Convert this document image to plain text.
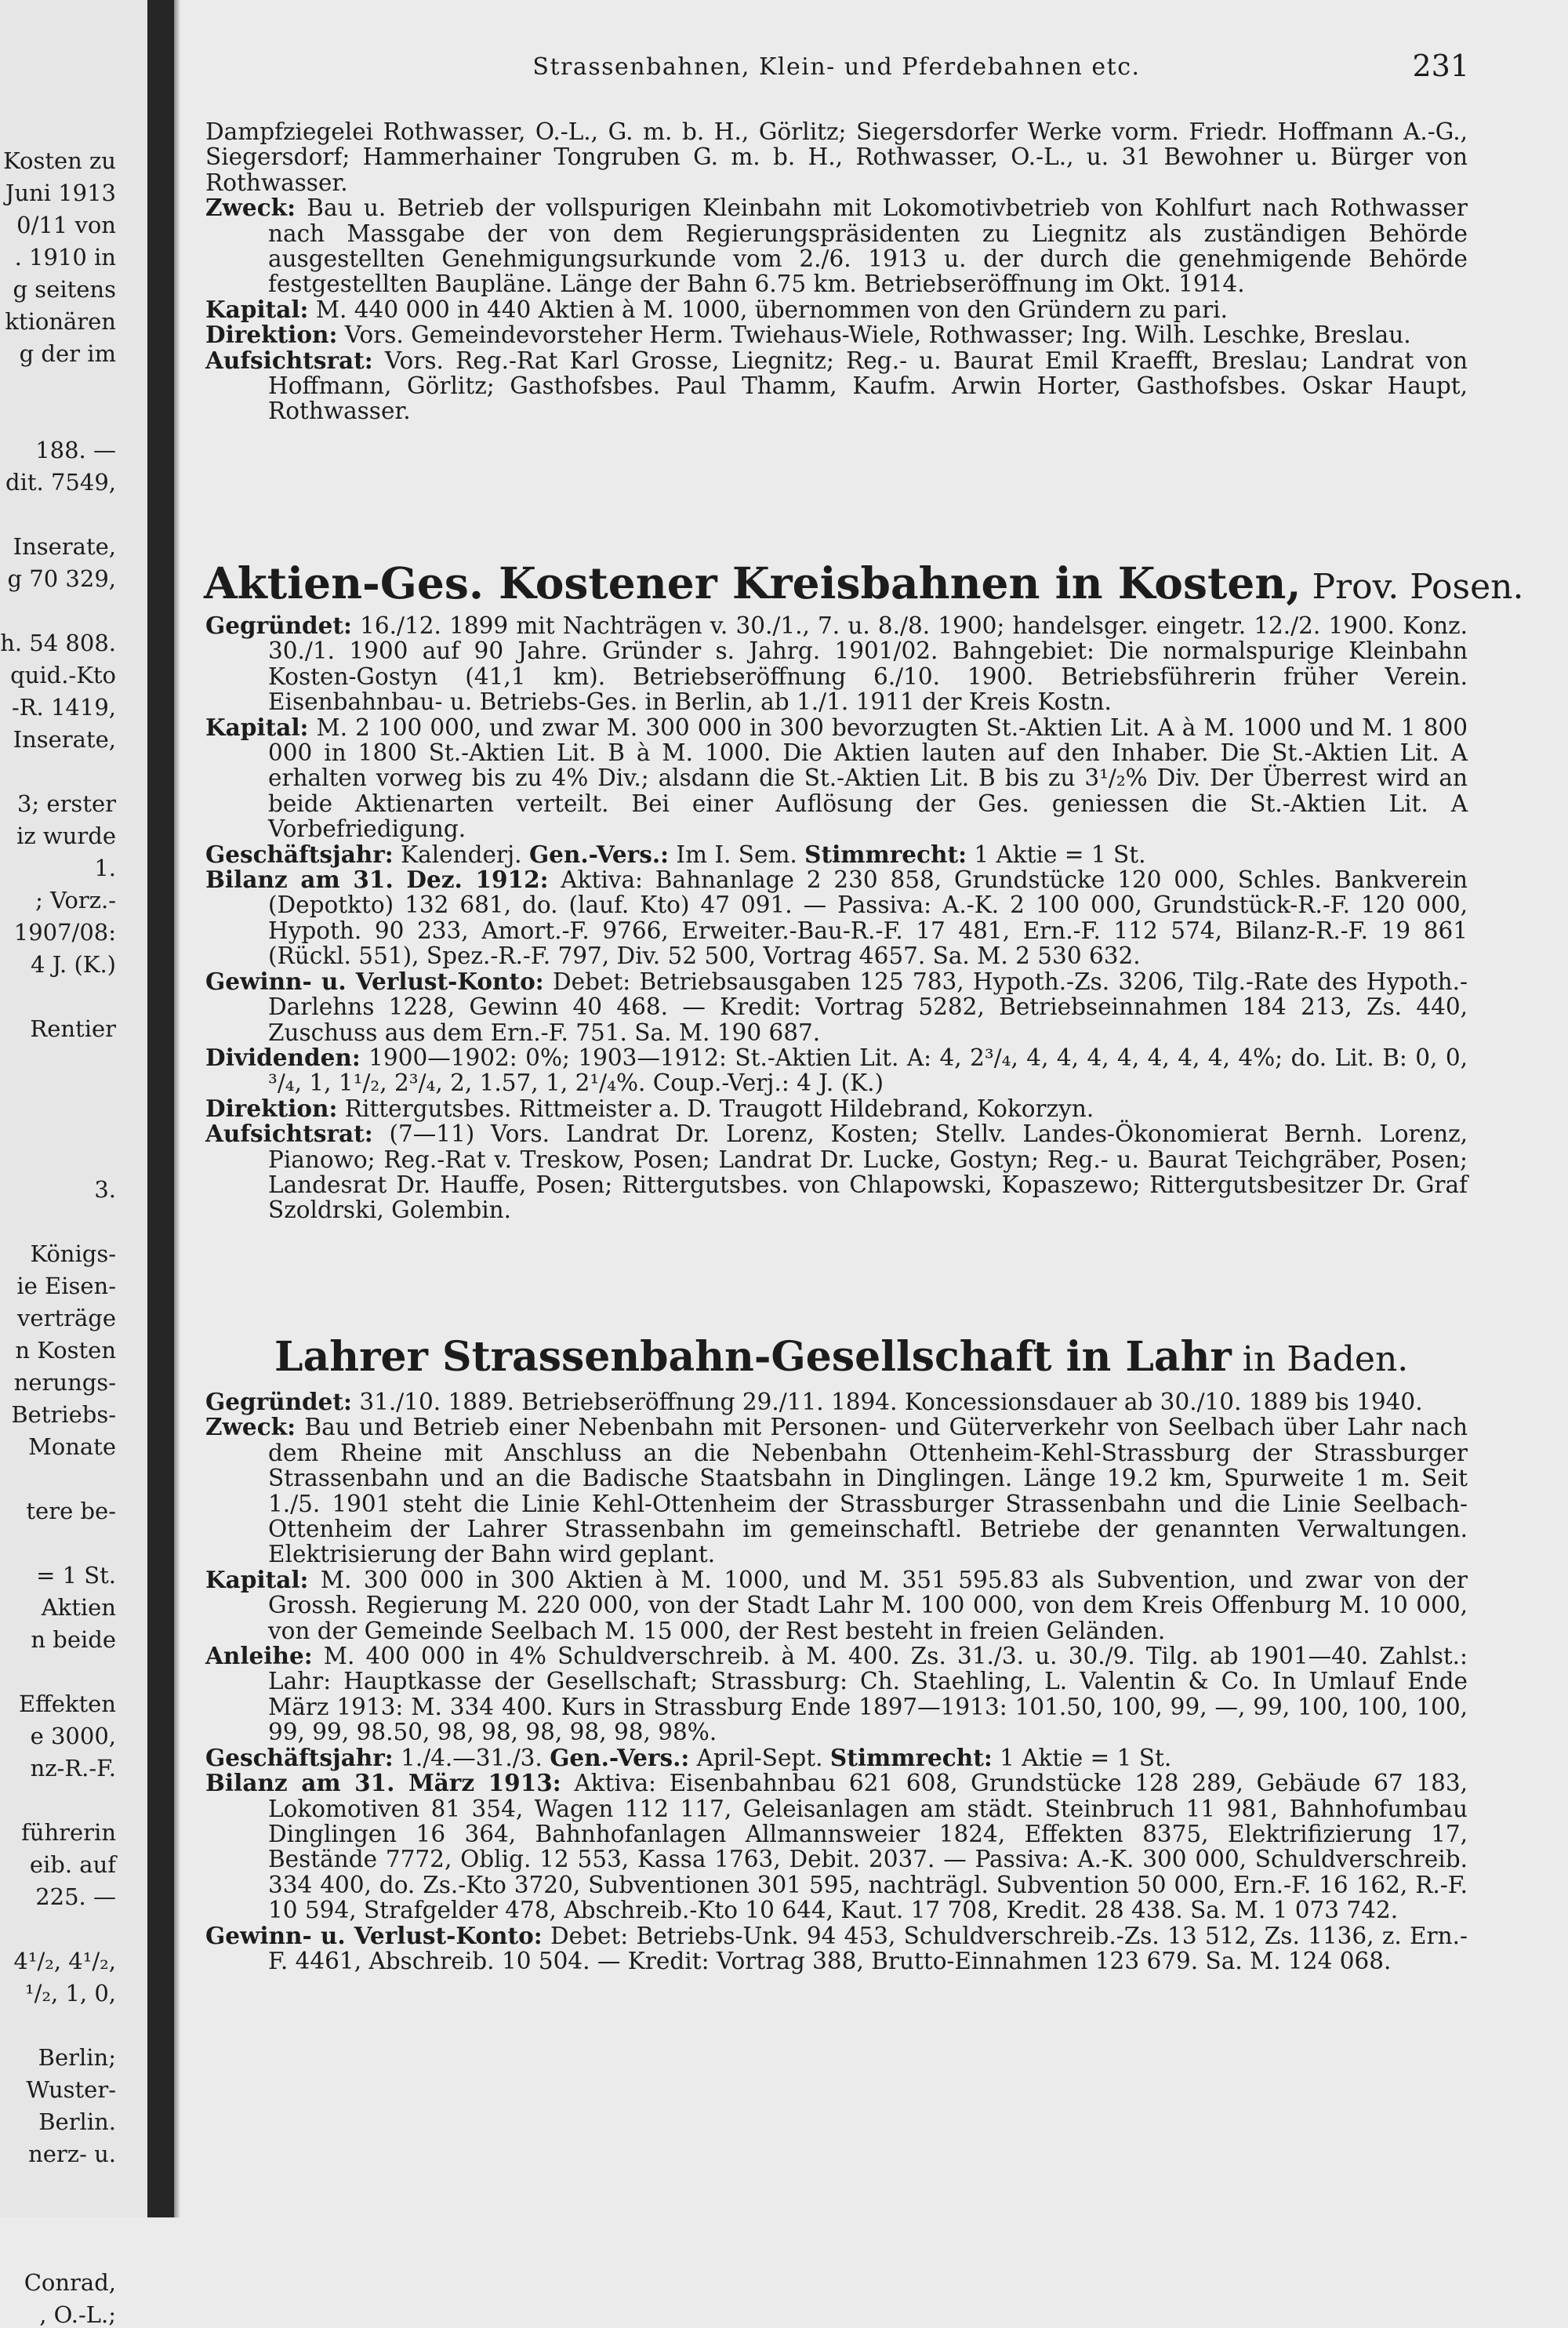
Kosten zu
Juni 1913
0/11 von
. 1910 in
g seitens
ktionären
g der im
188. —
dit. 7549,
Inserate,
g 70 329,
h. 54 808.
quid.-Kto
-R. 1419,
Inserate,
3; erster
iz wurde
1.
; Vorz.-
1907/08:
4 J. (K.)
Rentier
3.
Königs-
ie Eisen-
verträge
n Kosten
nerungs-
Betriebs-
Monate
tere be-
= 1 St.
Aktien
n beide
Effekten
e 3000,
nz-R.-F.
führerin
eib. auf
225. —
4¹/₂, 4¹/₂,
¹/₂, 1, 0,
Berlin;
Wuster-
Berlin.
nerz- u.
Conrad,
, O.-L.;
Strassenbahnen, Klein- und Pferdebahnen etc.	231

Dampfziegelei Rothwasser, O.-L., G. m. b. H., Görlitz; Siegersdorfer Werke vorm. Friedr. Hoffmann A.-G., Siegersdorf; Hammerhainer Tongruben G. m. b. H., Rothwasser, O.-L., u. 31 Bewohner u. Bürger von Rothwasser.

Zweck: Bau u. Betrieb der vollspurigen Kleinbahn mit Lokomotivbetrieb von Kohlfurt nach Rothwasser nach Massgabe der von dem Regierungspräsidenten zu Liegnitz als zuständigen Behörde ausgestellten Genehmigungsurkunde vom 2./6. 1913 u. der durch die genehmigende Behörde festgestellten Baupläne. Länge der Bahn 6.75 km. Betriebseröffnung im Okt. 1914.

Kapital: M. 440 000 in 440 Aktien à M. 1000, übernommen von den Gründern zu pari.

Direktion: Vors. Gemeindevorsteher Herm. Twiehaus-Wiele, Rothwasser; Ing. Wilh. Leschke, Breslau.

Aufsichtsrat: Vors. Reg.-Rat Karl Grosse, Liegnitz; Reg.- u. Baurat Emil Kraefft, Breslau; Landrat von Hoffmann, Görlitz; Gasthofsbes. Paul Thamm, Kaufm. Arwin Horter, Gasthofsbes. Oskar Haupt, Rothwasser.

Aktien-Ges. Kostener Kreisbahnen in Kosten, Prov. Posen.

Gegründet: 16./12. 1899 mit Nachträgen v. 30./1., 7. u. 8./8. 1900; handelsger. eingetr. 12./2. 1900. Konz. 30./1. 1900 auf 90 Jahre. Gründer s. Jahrg. 1901/02. Bahngebiet: Die normalspurige Kleinbahn Kosten-Gostyn (41,1 km). Betriebseröffnung 6./10. 1900. Betriebsführerin früher Verein. Eisenbahnbau- u. Betriebs-Ges. in Berlin, ab 1./1. 1911 der Kreis Kostn.

Kapital: M. 2 100 000, und zwar M. 300 000 in 300 bevorzugten St.-Aktien Lit. A à M. 1000 und M. 1 800 000 in 1800 St.-Aktien Lit. B à M. 1000. Die Aktien lauten auf den Inhaber. Die St.-Aktien Lit. A erhalten vorweg bis zu 4% Div.; alsdann die St.-Aktien Lit. B bis zu 3¹/₂% Div. Der Überrest wird an beide Aktienarten verteilt. Bei einer Auflösung der Ges. geniessen die St.-Aktien Lit. A Vorbefriedigung.

Geschäftsjahr: Kalenderj. Gen.-Vers.: Im I. Sem. Stimmrecht: 1 Aktie = 1 St.

Bilanz am 31. Dez. 1912: Aktiva: Bahnanlage 2 230 858, Grundstücke 120 000, Schles. Bankverein (Depotkto) 132 681, do. (lauf. Kto) 47 091. — Passiva: A.-K. 2 100 000, Grundstück-R.-F. 120 000, Hypoth. 90 233, Amort.-F. 9766, Erweiter.-Bau-R.-F. 17 481, Ern.-F. 112 574, Bilanz-R.-F. 19 861 (Rückl. 551), Spez.-R.-F. 797, Div. 52 500, Vortrag 4657. Sa. M. 2 530 632.

Gewinn- u. Verlust-Konto: Debet: Betriebsausgaben 125 783, Hypoth.-Zs. 3206, Tilg.-Rate des Hypoth.-Darlehns 1228, Gewinn 40 468. — Kredit: Vortrag 5282, Betriebseinnahmen 184 213, Zs. 440, Zuschuss aus dem Ern.-F. 751. Sa. M. 190 687.

Dividenden: 1900—1902: 0%; 1903—1912: St.-Aktien Lit. A: 4, 2³/₄, 4, 4, 4, 4, 4, 4, 4, 4%; do. Lit. B: 0, 0, ³/₄, 1, 1¹/₂, 2³/₄, 2, 1.57, 1, 2¹/₄%. Coup.-Verj.: 4 J. (K.)

Direktion: Rittergutsbes. Rittmeister a. D. Traugott Hildebrand, Kokorzyn.

Aufsichtsrat: (7—11) Vors. Landrat Dr. Lorenz, Kosten; Stellv. Landes-Ökonomierat Bernh. Lorenz, Pianowo; Reg.-Rat v. Treskow, Posen; Landrat Dr. Lucke, Gostyn; Reg.- u. Baurat Teichgräber, Posen; Landesrat Dr. Hauffe, Posen; Rittergutsbes. von Chlapowski, Kopaszewo; Rittergutsbesitzer Dr. Graf Szoldrski, Golembin.

Lahrer Strassenbahn-Gesellschaft in Lahr in Baden.

Gegründet: 31./10. 1889. Betriebseröffnung 29./11. 1894. Koncessionsdauer ab 30./10. 1889 bis 1940.

Zweck: Bau und Betrieb einer Nebenbahn mit Personen- und Güterverkehr von Seelbach über Lahr nach dem Rheine mit Anschluss an die Nebenbahn Ottenheim-Kehl-Strassburg der Strassburger Strassenbahn und an die Badische Staatsbahn in Dinglingen. Länge 19.2 km, Spurweite 1 m. Seit 1./5. 1901 steht die Linie Kehl-Ottenheim der Strassburger Strassenbahn und die Linie Seelbach-Ottenheim der Lahrer Strassenbahn im gemeinschaftl. Betriebe der genannten Verwaltungen. Elektrisierung der Bahn wird geplant.

Kapital: M. 300 000 in 300 Aktien à M. 1000, und M. 351 595.83 als Subvention, und zwar von der Grossh. Regierung M. 220 000, von der Stadt Lahr M. 100 000, von dem Kreis Offenburg M. 10 000, von der Gemeinde Seelbach M. 15 000, der Rest besteht in freien Geländen.

Anleihe: M. 400 000 in 4% Schuldverschreib. à M. 400. Zs. 31./3. u. 30./9. Tilg. ab 1901—40. Zahlst.: Lahr: Hauptkasse der Gesellschaft; Strassburg: Ch. Staehling, L. Valentin & Co. In Umlauf Ende März 1913: M. 334 400. Kurs in Strassburg Ende 1897—1913: 101.50, 100, 99, —, 99, 100, 100, 100, 99, 99, 98.50, 98, 98, 98, 98, 98, 98%.

Geschäftsjahr: 1./4.—31./3. Gen.-Vers.: April-Sept. Stimmrecht: 1 Aktie = 1 St.

Bilanz am 31. März 1913: Aktiva: Eisenbahnbau 621 608, Grundstücke 128 289, Gebäude 67 183, Lokomotiven 81 354, Wagen 112 117, Geleisanlagen am städt. Steinbruch 11 981, Bahnhofumbau Dinglingen 16 364, Bahnhofanlagen Allmannsweier 1824, Effekten 8375, Elektrifizierung 17, Bestände 7772, Oblig. 12 553, Kassa 1763, Debit. 2037. — Passiva: A.-K. 300 000, Schuldverschreib. 334 400, do. Zs.-Kto 3720, Subventionen 301 595, nachträgl. Subvention 50 000, Ern.-F. 16 162, R.-F. 10 594, Strafgelder 478, Abschreib.-Kto 10 644, Kaut. 17 708, Kredit. 28 438. Sa. M. 1 073 742.

Gewinn- u. Verlust-Konto: Debet: Betriebs-Unk. 94 453, Schuldverschreib.-Zs. 13 512, Zs. 1136, z. Ern.-F. 4461, Abschreib. 10 504. — Kredit: Vortrag 388, Brutto-Einnahmen 123 679. Sa. M. 124 068.
